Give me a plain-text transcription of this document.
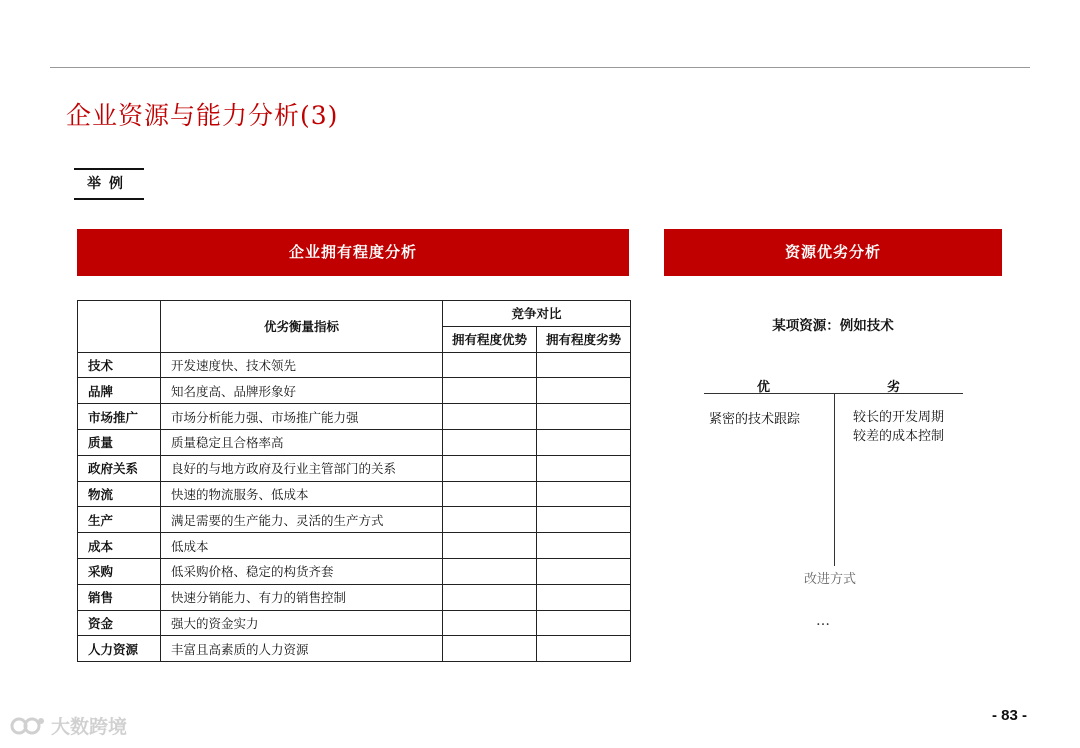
企业资源与能力分析(3)
举例
企业拥有程度分析	资源优劣分析
	优劣衡量指标	竞争对比	
		拥有程度优势	拥有程度劣势
技术	开发速度快、技术领先		
品牌	知名度高、品牌形象好		
市场推广	市场分析能力强、市场推广能力强		
质量	质量稳定且合格率高		
政府关系	良好的与地方政府及行业主管部门的关系		
物流	快速的物流服务、低成本		
生产	满足需要的生产能力、灵活的生产方式		
成本	低成本		
采购	低采购价格、稳定的构货齐套		
销售	快速分销能力、有力的销售控制		
资金	强大的资金实力		
人力资源	丰富且高素质的人力资源		
某项资源：例如技术
优	劣
紧密的技术跟踪	较长的开发周期
较差的成本控制
改进方式
…
大数跨境
- 83 -
